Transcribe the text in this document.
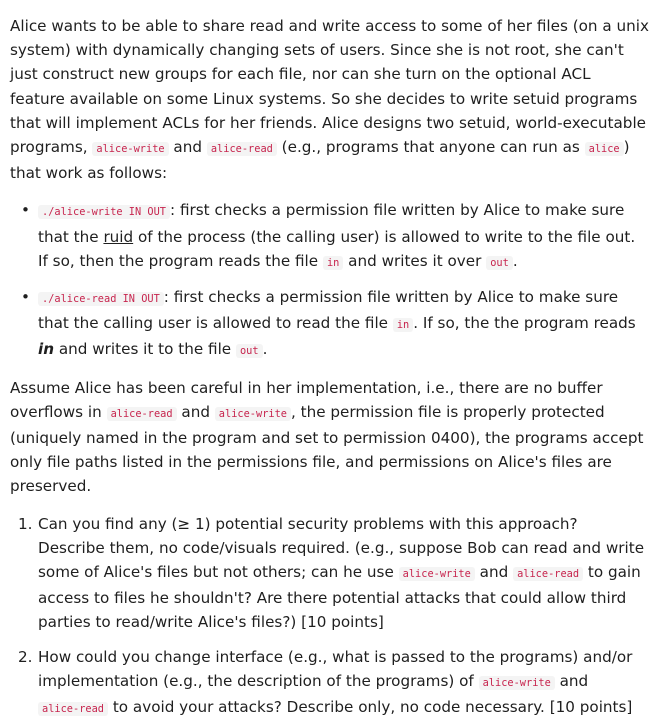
Alice wants to be able to share read and write access to some of her files (on a unix system) with dynamically changing sets of users. Since she is not root, she can't just construct new groups for each file, nor can she turn on the optional ACL feature available on some Linux systems. So she decides to write setuid programs that will implement ACLs for her friends. Alice designs two setuid, world-executable programs, alice-write and alice-read (e.g., programs that anyone can run as alice ) that work as follows:

• ./alice-write IN OUT : first checks a permission file written by Alice to make sure that the ruid of the process (the calling user) is allowed to write to the file out. If so, then the program reads the file in and writes it over out .
• ./alice-read IN OUT : first checks a permission file written by Alice to make sure that the calling user is allowed to read the file in . If so, the the program reads in and writes it to the file out .

Assume Alice has been careful in her implementation, i.e., there are no buffer overflows in alice-read and alice-write , the permission file is properly protected (uniquely named in the program and set to permission 0400), the programs accept only file paths listed in the permissions file, and permissions on Alice's files are preserved.

1. Can you find any (≥ 1) potential security problems with this approach? Describe them, no code/visuals required. (e.g., suppose Bob can read and write some of Alice's files but not others; can he use alice-write and alice-read to gain access to files he shouldn't? Are there potential attacks that could allow third parties to read/write Alice's files?) [10 points]
2. How could you change interface (e.g., what is passed to the programs) and/or implementation (e.g., the description of the programs) of alice-write and alice-read to avoid your attacks? Describe only, no code necessary. [10 points]
